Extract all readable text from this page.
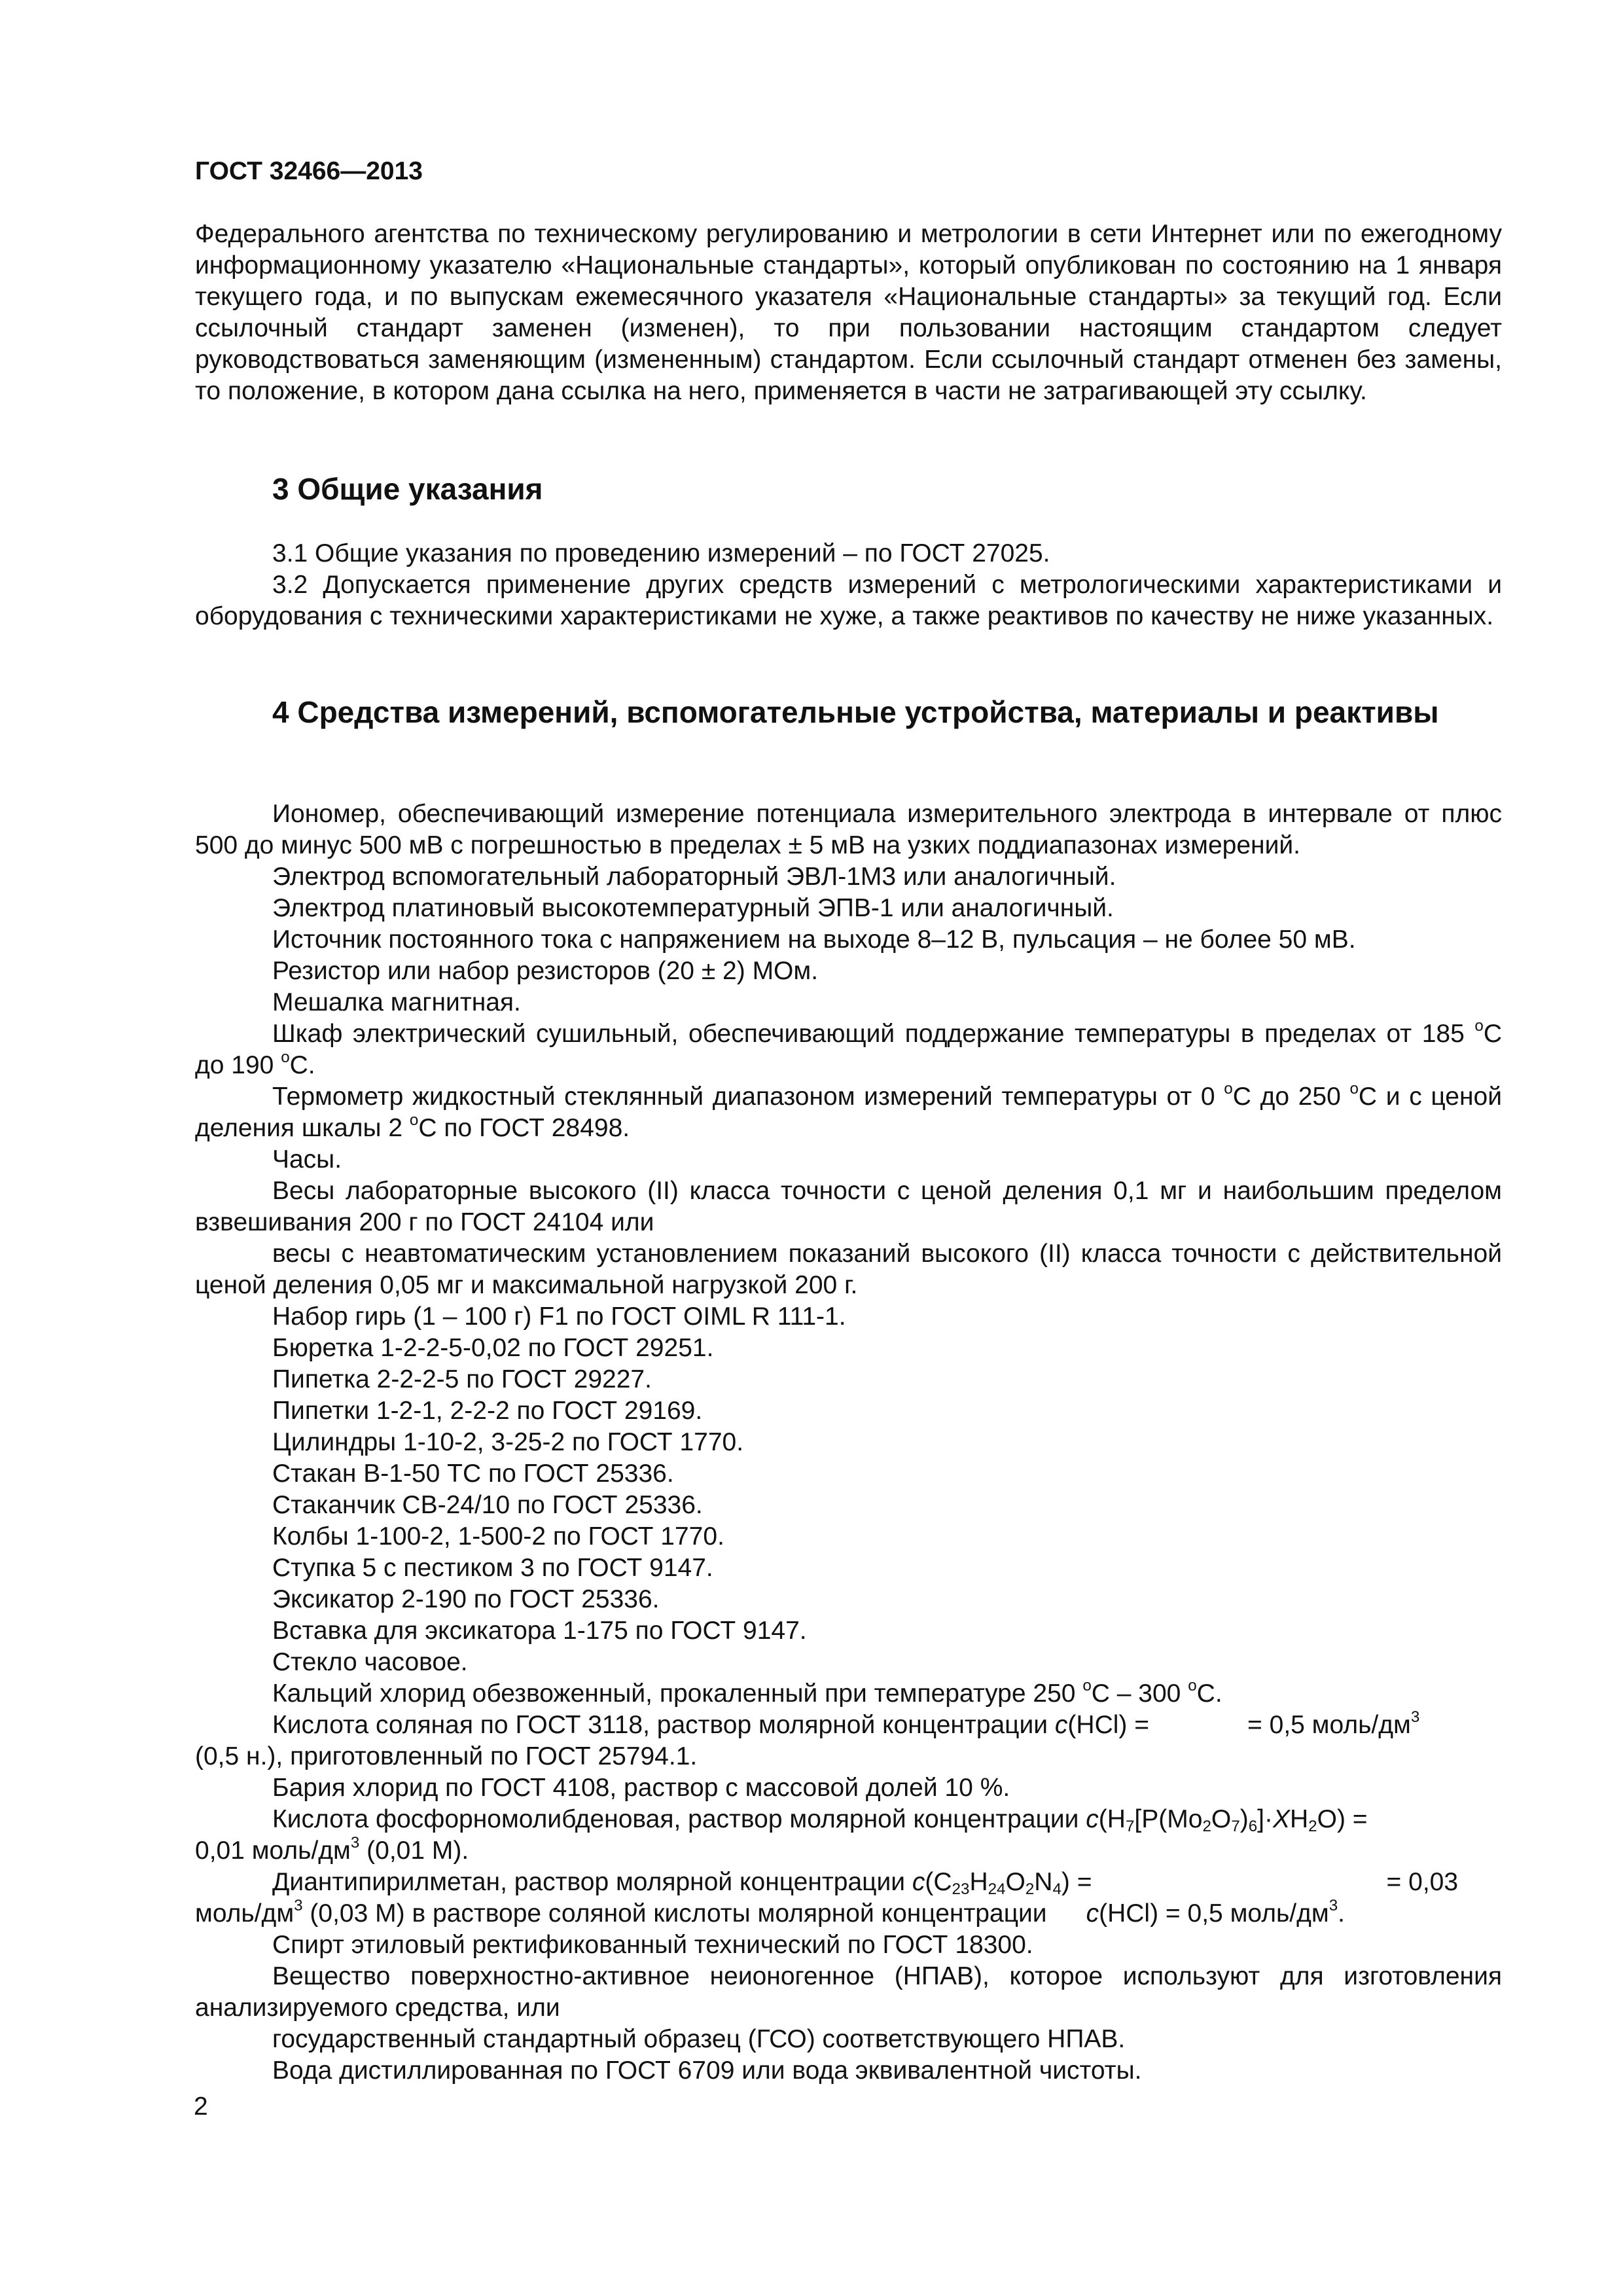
ГОСТ 32466—2013

Федерального агентства по техническому регулированию и метрологии в сети Интернет или по ежегодному информационному указателю «Национальные стандарты», который опубликован по состоянию на 1 января текущего года, и по выпускам ежемесячного указателя «Национальные стандарты» за текущий год. Если ссылочный стандарт заменен (изменен), то при пользовании настоящим стандартом следует руководствоваться заменяющим (измененным) стандартом. Если ссылочный стандарт отменен без замены, то положение, в котором дана ссылка на него, применяется в части не затрагивающей эту ссылку.

3 Общие указания

3.1 Общие указания по проведению измерений – по ГОСТ 27025.

3.2 Допускается применение других средств измерений с метрологическими характеристиками и оборудования с техническими характеристиками не хуже, а также реактивов по качеству не ниже указанных.

4 Средства измерений, вспомогательные устройства, материалы и реактивы

Иономер, обеспечивающий измерение потенциала измерительного электрода в интервале от плюс 500 до минус 500 мВ с погрешностью в пределах ± 5 мВ на узких поддиапазонах измерений.

Электрод вспомогательный лабораторный ЭВЛ-1М3 или аналогичный.

Электрод платиновый высокотемпературный ЭПВ-1 или аналогичный.

Источник постоянного тока с напряжением на выходе 8–12 В, пульсация – не более 50 мВ.

Резистор или набор резисторов (20 ± 2) МОм.

Мешалка магнитная.

Шкаф электрический сушильный, обеспечивающий поддержание температуры в пределах от 185 $^о$С до 190 $^о$С.

Термометр жидкостный стеклянный диапазоном измерений температуры от 0 $^о$С до 250 $^о$С и с ценой деления шкалы 2 $^о$С по ГОСТ 28498.

Часы.

Весы лабораторные высокого (II) класса точности с ценой деления 0,1 мг и наибольшим пределом взвешивания 200 г по ГОСТ 24104 или

весы с неавтоматическим установлением показаний высокого (II) класса точности с действительной ценой деления 0,05 мг и максимальной нагрузкой 200 г.

Набор гирь (1 – 100 г) F1 по ГОСТ OIML R 111-1.

Бюретка 1-2-2-5-0,02 по ГОСТ 29251.

Пипетка 2-2-2-5 по ГОСТ 29227.

Пипетки 1-2-1, 2-2-2 по ГОСТ 29169.

Цилиндры 1-10-2, 3-25-2 по ГОСТ 1770.

Стакан В-1-50 ТС по ГОСТ 25336.

Стаканчик СВ-24/10 по ГОСТ 25336.

Колбы 1-100-2, 1-500-2 по ГОСТ 1770.

Ступка 5 с пестиком 3 по ГОСТ 9147.

Эксикатор 2-190 по ГОСТ 25336.

Вставка для эксикатора 1-175 по ГОСТ 9147.

Стекло часовое.

Кальций хлорид обезвоженный, прокаленный при температуре 250 $^о$С – 300 $^о$С.

Кислота соляная по ГОСТ 3118, раствор молярной концентрации c(HCl) =	= 0,5 моль/$дм^3$

(0,5 н.), приготовленный по ГОСТ 25794.1.

Бария хлорид по ГОСТ 4108, раствор с массовой долей 10 %.

Кислота фосфорномолибденовая, раствор молярной концентрации $c(H_7[P(Mo_2O_7)_6]\cdot XH_2O)$ =

0,01 моль/$дм^3$ (0,01 М).

Диантипирилметан, раствор молярной концентрации $c(C_{23}H_{24}O_2N_4)$ =	= 0,03

моль/$дм^3$ (0,03 М) в растворе соляной кислоты молярной концентрации c(HCl) = 0,5 моль/$дм^3$.

Спирт этиловый ректификованный технический по ГОСТ 18300.

Вещество поверхностно-активное неионогенное (НПАВ), которое используют для изготовления анализируемого средства, или

государственный стандартный образец (ГСО) соответствующего НПАВ.

Вода дистиллированная по ГОСТ 6709 или вода эквивалентной чистоты.

2
